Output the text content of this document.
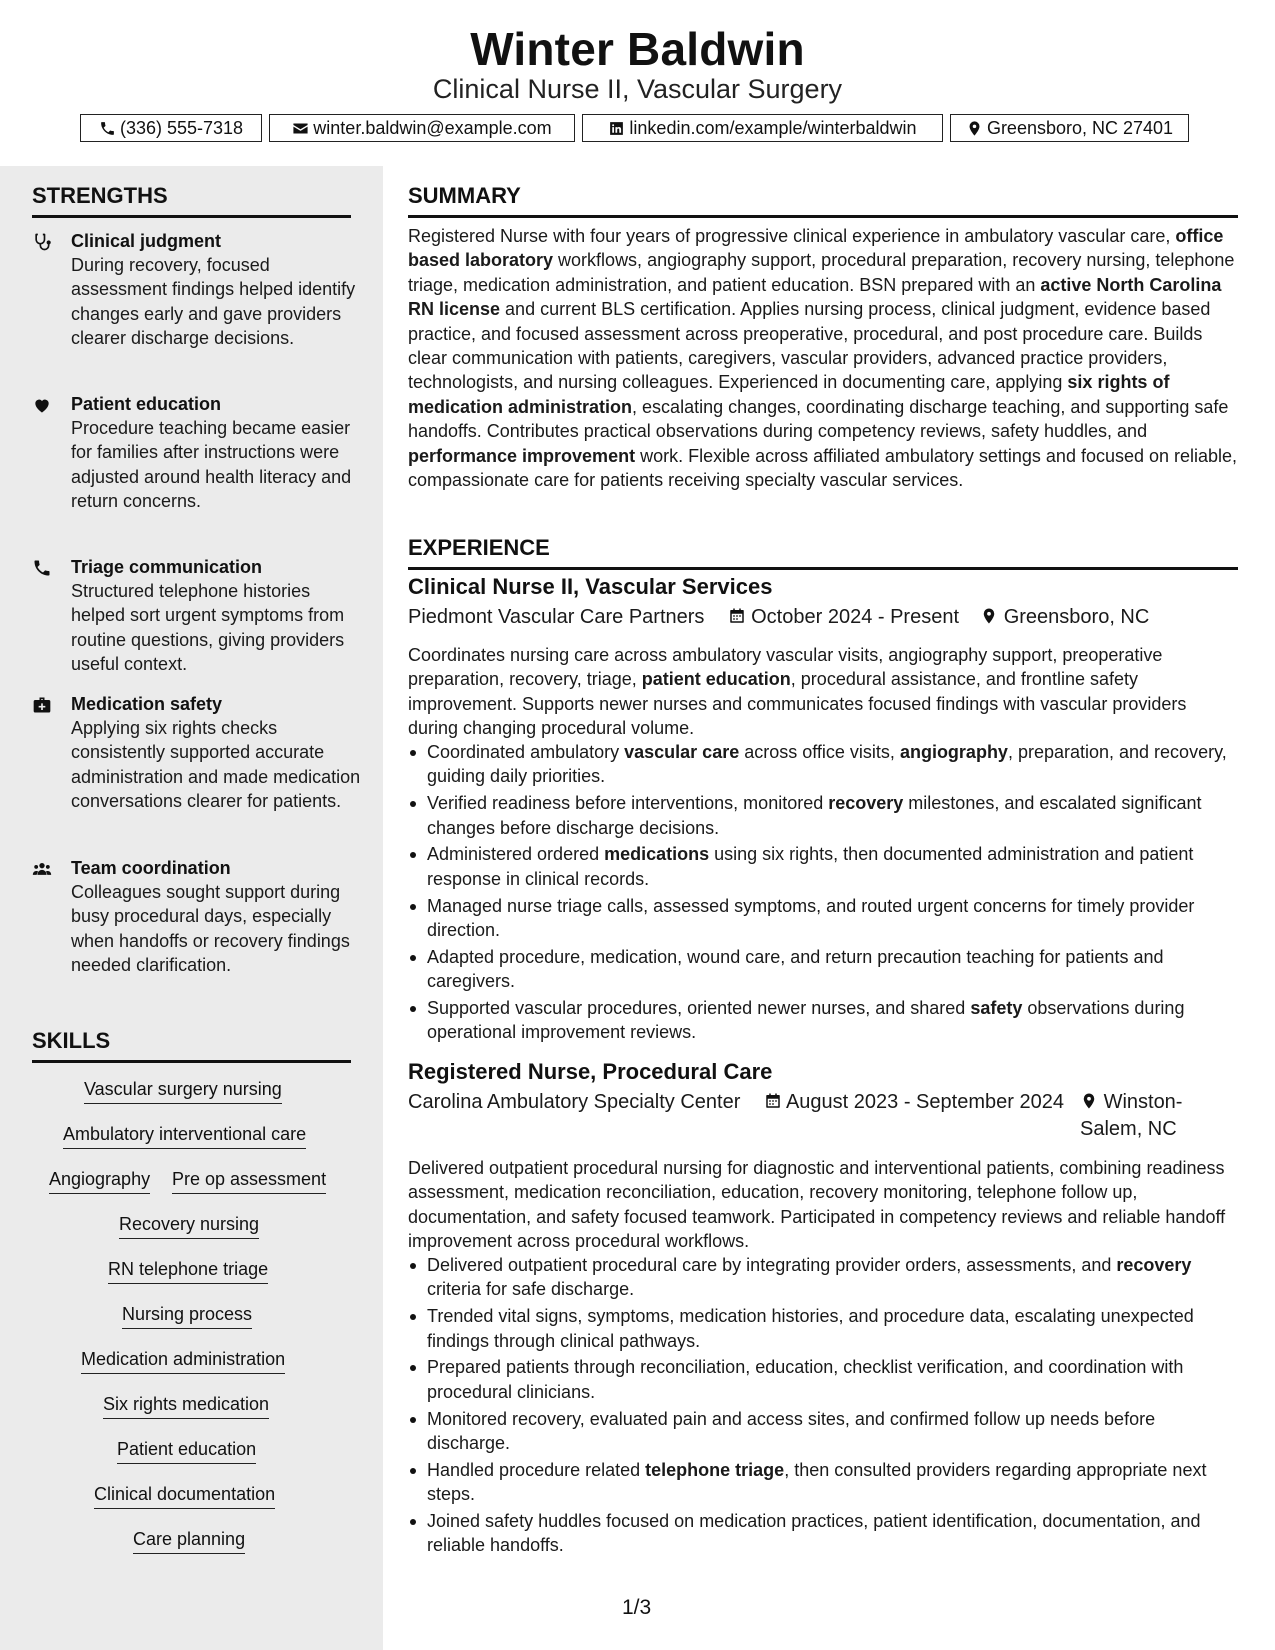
Winter Baldwin
Clinical Nurse II, Vascular Surgery
(336) 555-7318	winter.baldwin@example.com	linkedin.com/example/winterbaldwin	Greensboro, NC 27401
STRENGTHS
Clinical judgment
During recovery, focused assessment findings helped identify changes early and gave providers clearer discharge decisions.
Patient education
Procedure teaching became easier for families after instructions were adjusted around health literacy and return concerns.
Triage communication
Structured telephone histories helped sort urgent symptoms from routine questions, giving providers useful context.
Medication safety
Applying six rights checks consistently supported accurate administration and made medication conversations clearer for patients.
Team coordination
Colleagues sought support during busy procedural days, especially when handoffs or recovery findings needed clarification.
SKILLS
Vascular surgery nursing
Ambulatory interventional care
Angiography Pre op assessment
Recovery nursing
RN telephone triage
Nursing process
Medication administration
Six rights medication
Patient education
Clinical documentation
Care planning
SUMMARY
Registered Nurse with four years of progressive clinical experience in ambulatory vascular care, office based laboratory workflows, angiography support, procedural preparation, recovery nursing, telephone triage, medication administration, and patient education. BSN prepared with an active North Carolina RN license and current BLS certification. Applies nursing process, clinical judgment, evidence based practice, and focused assessment across preoperative, procedural, and post procedure care. Builds clear communication with patients, caregivers, vascular providers, advanced practice providers, technologists, and nursing colleagues. Experienced in documenting care, applying six rights of medication administration, escalating changes, coordinating discharge teaching, and supporting safe handoffs. Contributes practical observations during competency reviews, safety huddles, and performance improvement work. Flexible across affiliated ambulatory settings and focused on reliable, compassionate care for patients receiving specialty vascular services.
EXPERIENCE
Clinical Nurse II, Vascular Services
Piedmont Vascular Care Partners October 2024 - Present Greensboro, NC
Coordinates nursing care across ambulatory vascular visits, angiography support, preoperative preparation, recovery, triage, patient education, procedural assistance, and frontline safety improvement. Supports newer nurses and communicates focused findings with vascular providers during changing procedural volume.
Coordinated ambulatory vascular care across office visits, angiography, preparation, and recovery, guiding daily priorities.
Verified readiness before interventions, monitored recovery milestones, and escalated significant changes before discharge decisions.
Administered ordered medications using six rights, then documented administration and patient response in clinical records.
Managed nurse triage calls, assessed symptoms, and routed urgent concerns for timely provider direction.
Adapted procedure, medication, wound care, and return precaution teaching for patients and caregivers.
Supported vascular procedures, oriented newer nurses, and shared safety observations during operational improvement reviews.
Registered Nurse, Procedural Care
Carolina Ambulatory Specialty Center August 2023 - September 2024	Winston-
Salem, NC
Delivered outpatient procedural nursing for diagnostic and interventional patients, combining readiness assessment, medication reconciliation, education, recovery monitoring, telephone follow up, documentation, and safety focused teamwork. Participated in competency reviews and reliable handoff improvement across procedural workflows.
Delivered outpatient procedural care by integrating provider orders, assessments, and recovery criteria for safe discharge.
Trended vital signs, symptoms, medication histories, and procedure data, escalating unexpected findings through clinical pathways.
Prepared patients through reconciliation, education, checklist verification, and coordination with procedural clinicians.
Monitored recovery, evaluated pain and access sites, and confirmed follow up needs before discharge.
Handled procedure related telephone triage, then consulted providers regarding appropriate next steps.
Joined safety huddles focused on medication practices, patient identification, documentation, and reliable handoffs.
1/3
